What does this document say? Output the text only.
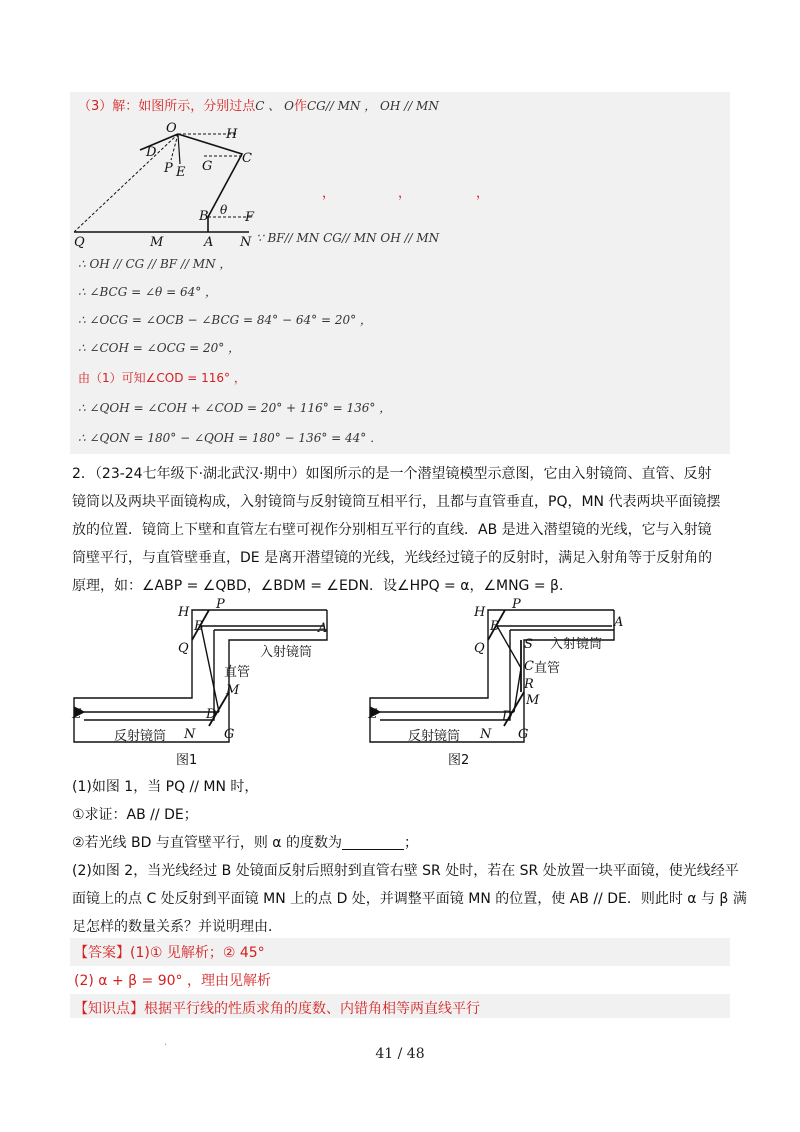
（3）解：如图所示，分别过点C 、 O作CG// MN ， OH // MN
O	H
D	C
P E G
B θ F
Q	M	A N
，	，	，
∵ BF// MN CG// MN OH // MN
∴ OH // CG // BF // MN ，
∴ ∠BCG = ∠θ = 64° ，
∴ ∠OCG = ∠OCB − ∠BCG = 84° − 64° = 20° ，
∴ ∠COH = ∠OCG = 20° ，
由（1）可知∠COD = 116° ，
∴ ∠QOH = ∠COH + ∠COD = 20° + 116° = 136° ，
∴ ∠QON = 180° − ∠QOH = 180° − 136° = 44° ．
2．（23-24七年级下·湖北武汉·期中）如图所示的是一个潜望镜模型示意图，它由入射镜筒、直管、反射
镜筒以及两块平面镜构成，入射镜筒与反射镜筒互相平行，且都与直管垂直，PQ，MN 代表两块平面镜摆
放的位置．镜筒上下壁和直管左右壁可视作分别相互平行的直线．AB 是进入潜望镜的光线，它与入射镜
筒壁平行，与直管壁垂直，DE 是离开潜望镜的光线，光线经过镜子的反射时，满足入射角等于反射角的
原理，如：∠ABP = ∠QBD，∠BDM = ∠EDN．设∠HPQ = α，∠MNG = β．
H
P
B
Q
A
M
D
E
N G
入射镜筒
直管
反射镜筒
图1
H
P
B
S
Q
C
R
M
D
E
N G
A
入射镜筒
直管
反射镜筒
图2
(1)如图 1，当 PQ // MN 时，
①求证：AB // DE；
②若光线 BD 与直管壁平行，则 α 的度数为	；
(2)如图 2，当光线经过 B 处镜面反射后照射到直管右壁 SR 处时，若在 SR 处放置一块平面镜，使光线经平
面镜上的点 C 处反射到平面镜 MN 上的点 D 处，并调整平面镜 MN 的位置，使 AB // DE．则此时 α 与 β 满
足怎样的数量关系？并说明理由．
【答案】(1)① 见解析；② 45°
(2) α + β = 90° ，理由见解析
【知识点】根据平行线的性质求角的度数、内错角相等两直线平行
·
41 / 48
